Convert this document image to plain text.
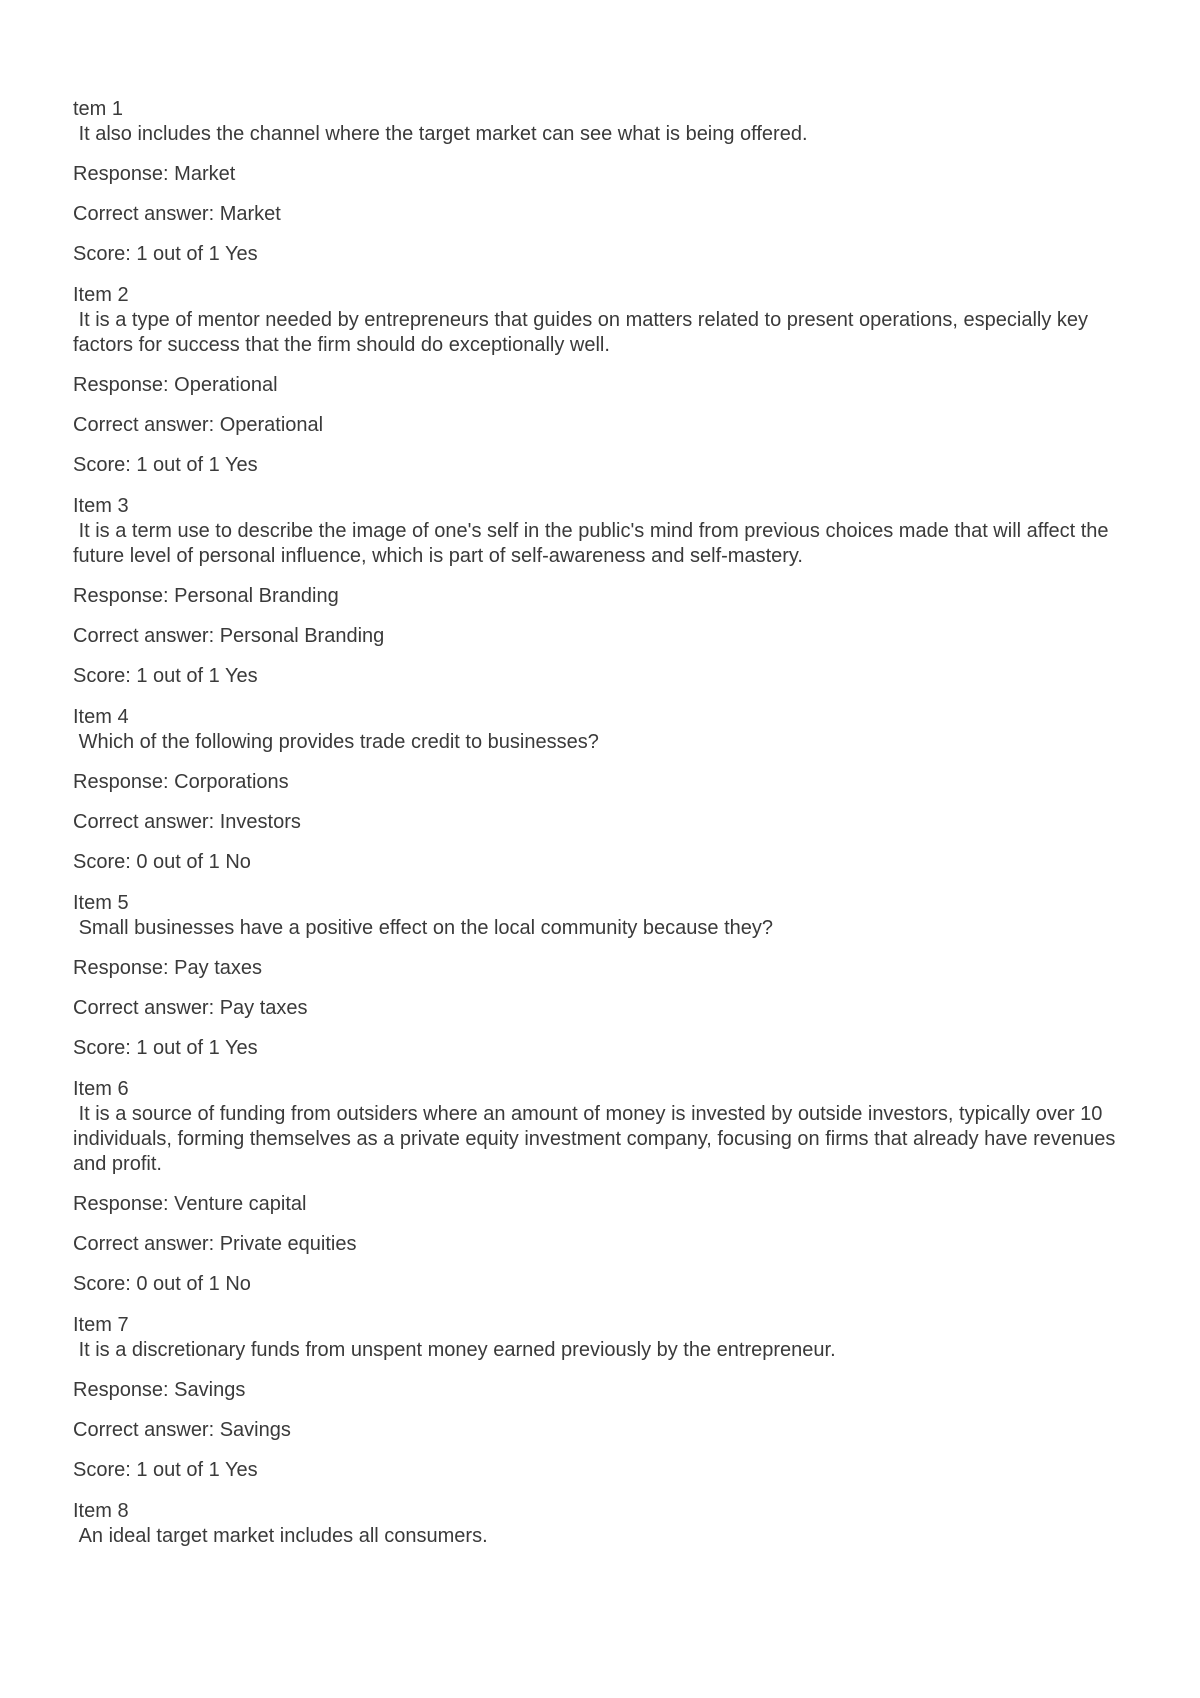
tem 1
It also includes the channel where the target market can see what is being offered.

Response: Market

Correct answer: Market

Score: 1 out of 1 Yes

Item 2
It is a type of mentor needed by entrepreneurs that guides on matters related to present operations, especially key factors for success that the firm should do exceptionally well.

Response: Operational

Correct answer: Operational

Score: 1 out of 1 Yes

Item 3
It is a term use to describe the image of one's self in the public's mind from previous choices made that will affect the future level of personal influence, which is part of self-awareness and self-mastery.

Response: Personal Branding

Correct answer: Personal Branding

Score: 1 out of 1 Yes

Item 4
Which of the following provides trade credit to businesses?

Response: Corporations

Correct answer: Investors

Score: 0 out of 1 No

Item 5
Small businesses have a positive effect on the local community because they?

Response: Pay taxes

Correct answer: Pay taxes

Score: 1 out of 1 Yes

Item 6
It is a source of funding from outsiders where an amount of money is invested by outside investors, typically over 10 individuals, forming themselves as a private equity investment company, focusing on firms that already have revenues and profit.

Response: Venture capital

Correct answer: Private equities

Score: 0 out of 1 No

Item 7
It is a discretionary funds from unspent money earned previously by the entrepreneur.

Response: Savings

Correct answer: Savings

Score: 1 out of 1 Yes

Item 8
An ideal target market includes all consumers.
